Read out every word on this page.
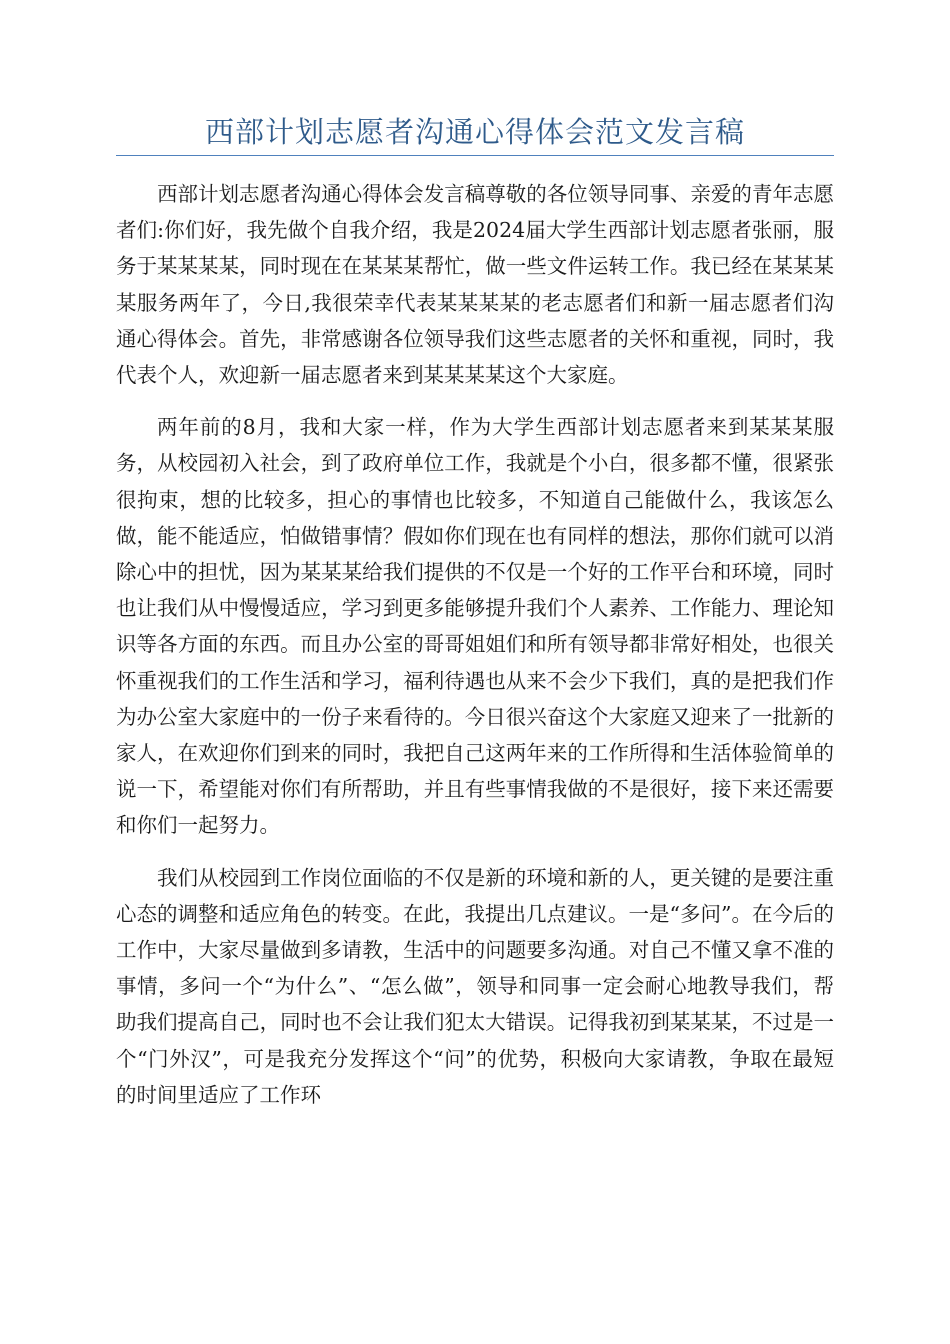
西部计划志愿者沟通心得体会范文发言稿

西部计划志愿者沟通心得体会发言稿尊敬的各位领导同事、亲爱的青年志愿者们:你们好，我先做个自我介绍，我是2024届大学生西部计划志愿者张丽，服务于某某某某，同时现在在某某某帮忙，做一些文件运转工作。我已经在某某某某服务两年了，今日,我很荣幸代表某某某某的老志愿者们和新一届志愿者们沟通心得体会。首先，非常感谢各位领导我们这些志愿者的关怀和重视，同时，我代表个人，欢迎新一届志愿者来到某某某某这个大家庭。

两年前的8月，我和大家一样，作为大学生西部计划志愿者来到某某某服务，从校园初入社会，到了政府单位工作，我就是个小白，很多都不懂，很紧张很拘束，想的比较多，担心的事情也比较多，不知道自己能做什么，我该怎么做，能不能适应，怕做错事情？假如你们现在也有同样的想法，那你们就可以消除心中的担忧，因为某某某给我们提供的不仅是一个好的工作平台和环境，同时也让我们从中慢慢适应，学习到更多能够提升我们个人素养、工作能力、理论知识等各方面的东西。而且办公室的哥哥姐姐们和所有领导都非常好相处，也很关怀重视我们的工作生活和学习，福利待遇也从来不会少下我们，真的是把我们作为办公室大家庭中的一份子来看待的。今日很兴奋这个大家庭又迎来了一批新的家人，在欢迎你们到来的同时，我把自己这两年来的工作所得和生活体验简单的说一下，希望能对你们有所帮助，并且有些事情我做的不是很好，接下来还需要和你们一起努力。

我们从校园到工作岗位面临的不仅是新的环境和新的人，更关键的是要注重心态的调整和适应角色的转变。在此，我提出几点建议。一是“多问”。在今后的工作中，大家尽量做到多请教，生活中的问题要多沟通。对自己不懂又拿不准的事情，多问一个“为什么”、“怎么做”，领导和同事一定会耐心地教导我们，帮助我们提高自己，同时也不会让我们犯太大错误。记得我初到某某某，不过是一个“门外汉”，可是我充分发挥这个“问”的优势，积极向大家请教，争取在最短的时间里适应了工作环
